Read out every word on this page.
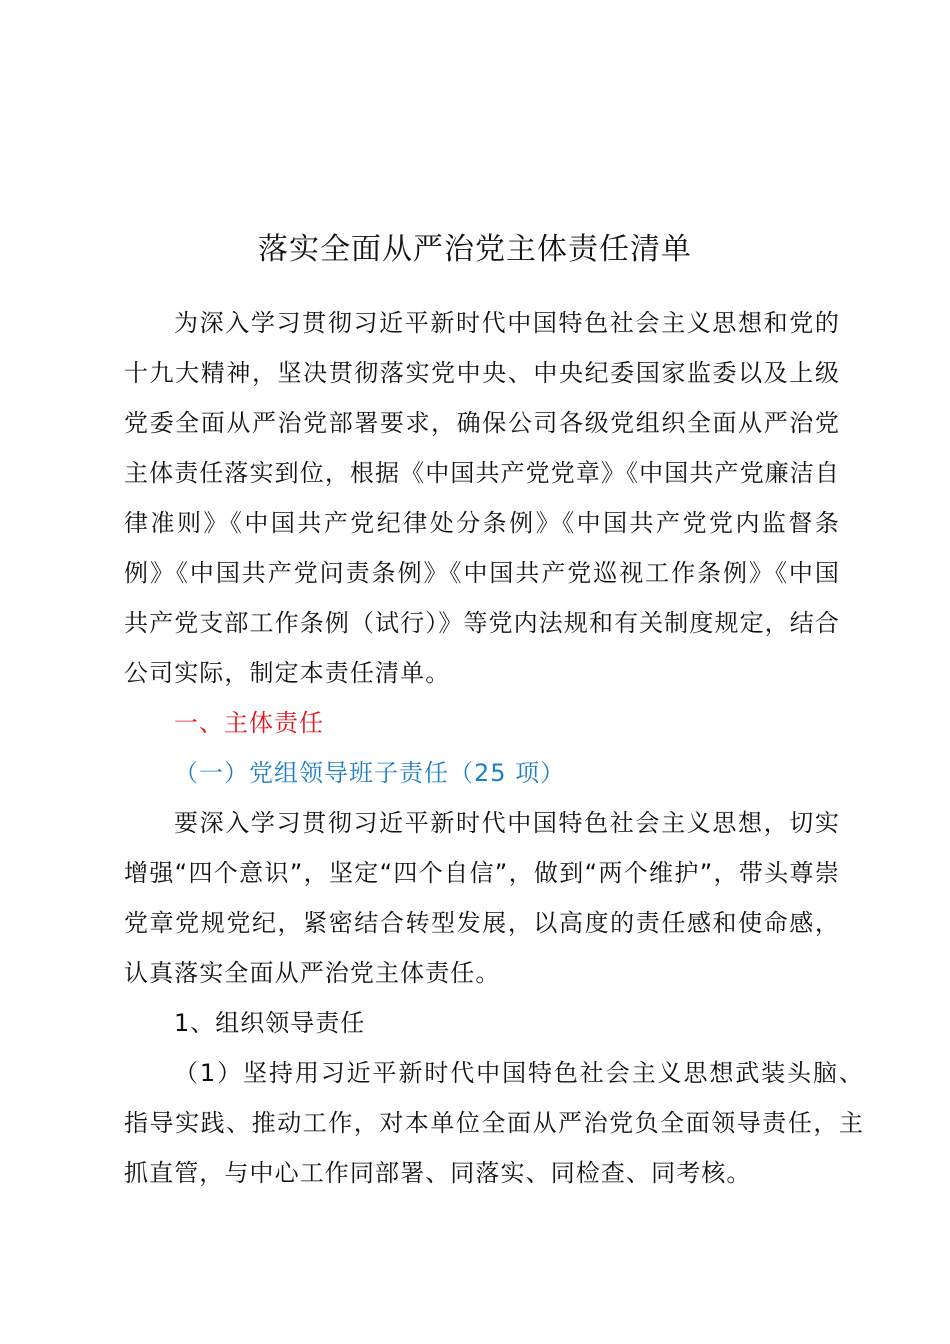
落实全面从严治党主体责任清单

为深入学习贯彻习近平新时代中国特色社会主义思想和党的十九大精神，坚决贯彻落实党中央、中央纪委国家监委以及上级党委全面从严治党部署要求，确保公司各级党组织全面从严治党主体责任落实到位，根据《中国共产党党章》《中国共产党廉洁自律准则》《中国共产党纪律处分条例》《中国共产党党内监督条例》《中国共产党问责条例》《中国共产党巡视工作条例》《中国共产党支部工作条例（试行）》等党内法规和有关制度规定，结合公司实际，制定本责任清单。

一、主体责任

（一）党组领导班子责任（25 项）

要深入学习贯彻习近平新时代中国特色社会主义思想，切实增强“四个意识”，坚定“四个自信”，做到“两个维护”，带头尊崇党章党规党纪，紧密结合转型发展，以高度的责任感和使命感，认真落实全面从严治党主体责任。

1、组织领导责任

（1）坚持用习近平新时代中国特色社会主义思想武装头脑、指导实践、推动工作，对本单位全面从严治党负全面领导责任，主抓直管，与中心工作同部署、同落实、同检查、同考核。
